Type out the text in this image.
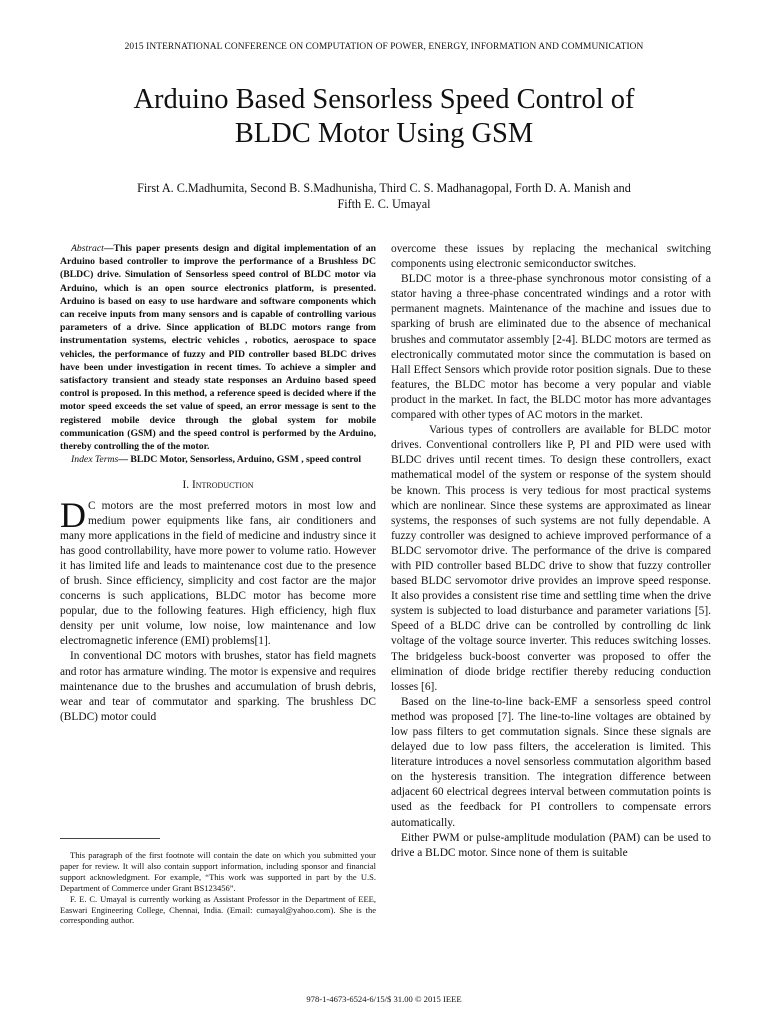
2015 INTERNATIONAL CONFERENCE ON COMPUTATION OF POWER, ENERGY, INFORMATION AND COMMUNICATION
Arduino Based Sensorless Speed Control of
BLDC Motor Using GSM
First A. C.Madhumita, Second B. S.Madhunisha, Third C. S. Madhanagopal, Forth D. A. Manish and
Fifth E. C. Umayal

Abstract—This paper presents design and digital implementation of an Arduino based controller to improve the performance of a Brushless DC (BLDC) drive. Simulation of Sensorless speed control of BLDC motor via Arduino, which is an open source electronics platform, is presented. Arduino is based on easy to use hardware and software components which can receive inputs from many sensors and is capable of controlling various parameters of a drive. Since application of BLDC motors range from instrumentation systems, electric vehicles , robotics, aerospace to space vehicles, the performance of fuzzy and PID controller based BLDC drives have been under investigation in recent times. To achieve a simpler and satisfactory transient and steady state responses an Arduino based speed control is proposed. In this method, a reference speed is decided where if the motor speed exceeds the set value of speed, an error message is sent to the registered mobile device through the global system for mobile communication (GSM) and the speed control is performed by the Arduino, thereby controlling the of the motor.

Index Terms— BLDC Motor, Sensorless, Arduino, GSM , speed control

I. Introduction

D C motors are the most preferred motors in most low and medium power equipments like fans, air conditioners and many more applications in the field of medicine and industry since it has good controllability, have more power to volume ratio. However it has limited life and leads to maintenance cost due to the presence of brush. Since efficiency, simplicity and cost factor are the major concerns is such applications, BLDC motor has become more popular, due to the following features. High efficiency, high flux density per unit volume, low noise, low maintenance and low electromagnetic inference (EMI) problems[1].

In conventional DC motors with brushes, stator has field magnets and rotor has armature winding. The motor is expensive and requires maintenance due to the brushes and accumulation of brush debris, wear and tear of commutator and sparking. The brushless DC (BLDC) motor could

This paragraph of the first footnote will contain the date on which you submitted your paper for review. It will also contain support information, including sponsor and financial support acknowledgment. For example, “This work was supported in part by the U.S. Department of Commerce under Grant BS123456”.

F. E. C. Umayal is currently working as Assistant Professor in the Department of EEE, Easwari Engineering College, Chennai, India. (Email: cumayal@yahoo.com). She is the corresponding author.

overcome these issues by replacing the mechanical switching components using electronic semiconductor switches.

BLDC motor is a three-phase synchronous motor consisting of a stator having a three-phase concentrated windings and a rotor with permanent magnets. Maintenance of the machine and issues due to sparking of brush are eliminated due to the absence of mechanical brushes and commutator assembly [2-4]. BLDC motors are termed as electronically commutated motor since the commutation is based on Hall Effect Sensors which provide rotor position signals. Due to these features, the BLDC motor has become a very popular and viable product in the market. In fact, the BLDC motor has more advantages compared with other types of AC motors in the market.

Various types of controllers are available for BLDC motor drives. Conventional controllers like P, PI and PID were used with BLDC drives until recent times. To design these controllers, exact mathematical model of the system or response of the system should be known. This process is very tedious for most practical systems which are nonlinear. Since these systems are approximated as linear systems, the responses of such systems are not fully dependable. A fuzzy controller was designed to achieve improved performance of a BLDC servomotor drive. The performance of the drive is compared with PID controller based BLDC drive to show that fuzzy controller based BLDC servomotor drive provides an improve speed response. It also provides a consistent rise time and settling time when the drive system is subjected to load disturbance and parameter variations [5]. Speed of a BLDC drive can be controlled by controlling dc link voltage of the voltage source inverter. This reduces switching losses. The bridgeless buck-boost converter was proposed to offer the elimination of diode bridge rectifier thereby reducing conduction losses [6].

Based on the line-to-line back-EMF a sensorless speed control method was proposed [7]. The line-to-line voltages are obtained by low pass filters to get commutation signals. Since these signals are delayed due to low pass filters, the acceleration is limited. This literature introduces a novel sensorless commutation algorithm based on the hysteresis transition. The integration difference between adjacent 60 electrical degrees interval between commutation points is used as the feedback for PI controllers to compensate errors automatically.

Either PWM or pulse-amplitude modulation (PAM) can be used to drive a BLDC motor. Since none of them is suitable

978-1-4673-6524-6/15/$ 31.00 © 2015 IEEE
